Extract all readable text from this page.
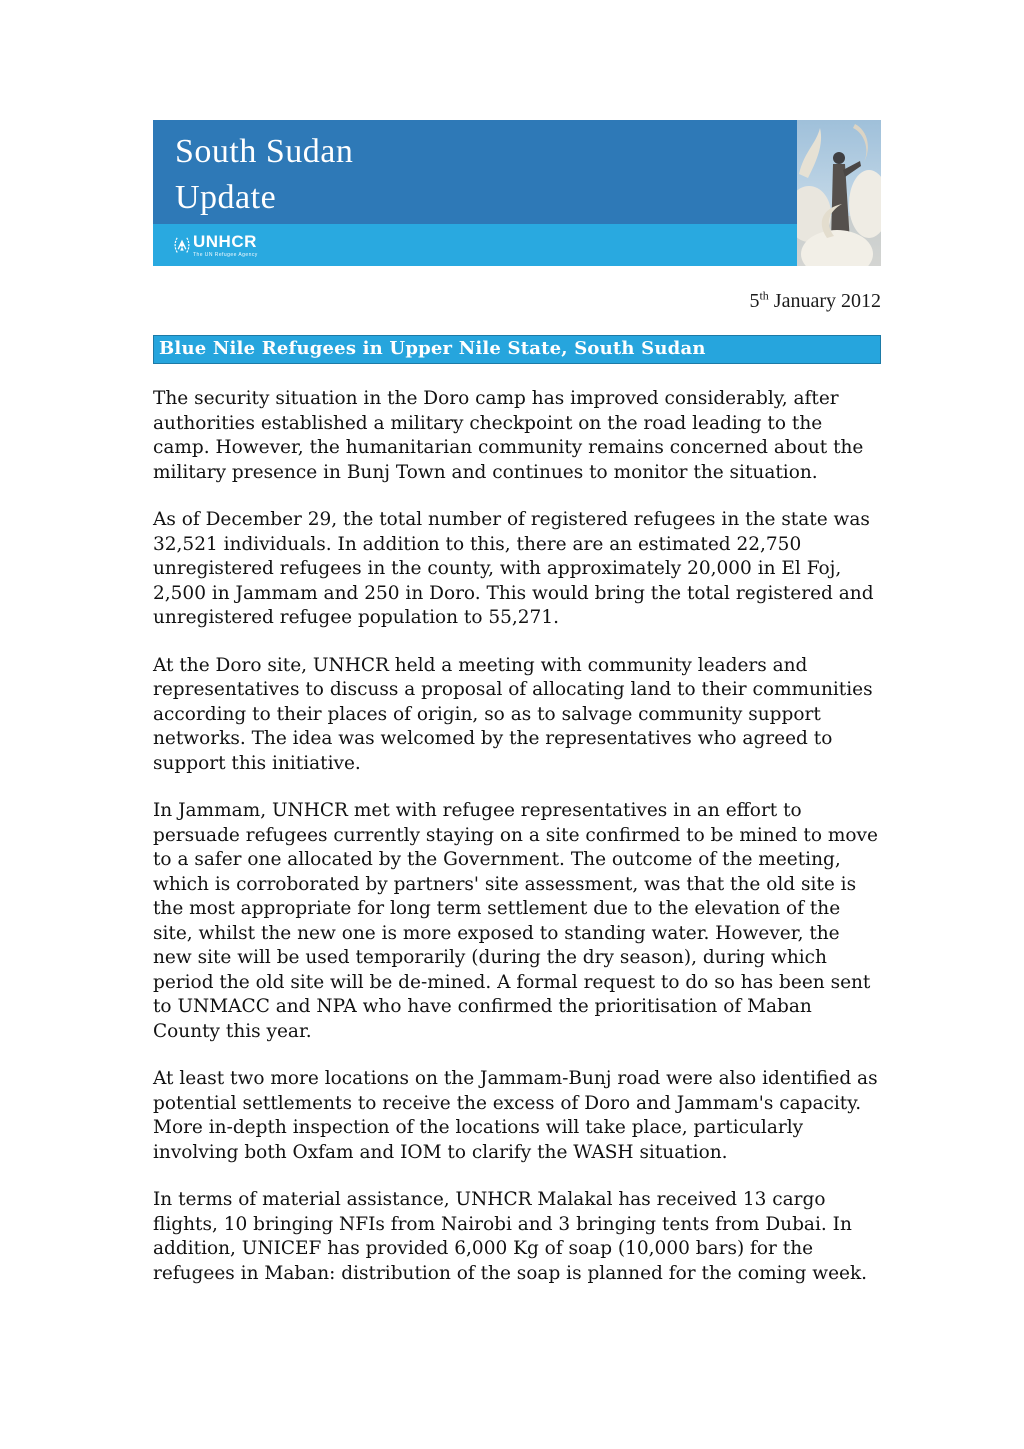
South Sudan
Update
UNHCR
The UN Refugee Agency
5th January 2012
Blue Nile Refugees in Upper Nile State, South Sudan

The security situation in the Doro camp has improved considerably, after authorities established a military checkpoint on the road leading to the camp. However, the humanitarian community remains concerned about the military presence in Bunj Town and continues to monitor the situation.

As of December 29, the total number of registered refugees in the state was 32,521 individuals. In addition to this, there are an estimated 22,750 unregistered refugees in the county, with approximately 20,000 in El Foj, 2,500 in Jammam and 250 in Doro. This would bring the total registered and unregistered refugee population to 55,271.

At the Doro site, UNHCR held a meeting with community leaders and representatives to discuss a proposal of allocating land to their communities according to their places of origin, so as to salvage community support networks. The idea was welcomed by the representatives who agreed to support this initiative.

In Jammam, UNHCR met with refugee representatives in an effort to persuade refugees currently staying on a site confirmed to be mined to move to a safer one allocated by the Government. The outcome of the meeting, which is corroborated by partners' site assessment, was that the old site is the most appropriate for long term settlement due to the elevation of the site, whilst the new one is more exposed to standing water. However, the new site will be used temporarily (during the dry season), during which period the old site will be de-mined. A formal request to do so has been sent to UNMACC and NPA who have confirmed the prioritisation of Maban County this year.

At least two more locations on the Jammam-Bunj road were also identified as potential settlements to receive the excess of Doro and Jammam's capacity. More in-depth inspection of the locations will take place, particularly involving both Oxfam and IOM to clarify the WASH situation.

In terms of material assistance, UNHCR Malakal has received 13 cargo flights, 10 bringing NFIs from Nairobi and 3 bringing tents from Dubai. In addition, UNICEF has provided 6,000 Kg of soap (10,000 bars) for the refugees in Maban: distribution of the soap is planned for the coming week.
